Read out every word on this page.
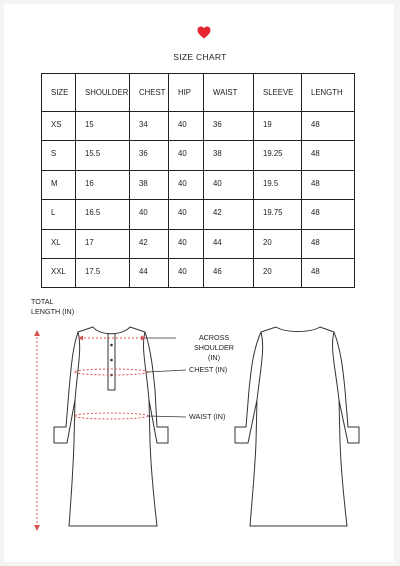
SIZE CHART
SIZE	SHOULDER	CHEST	HIP	WAIST	SLEEVE	LENGTH
XS	15	34	40	36	19	48
S	15.5	36	40	38	19.25	48
M	16	38	40	40	19.5	48
L	16.5	40	40	42	19.75	48
XL	17	42	40	44	20	48
XXL	17.5	44	40	46	20	48
TOTAL
LENGTH (IN)
ACROSS SHOULDER
(IN)
CHEST (IN)
WAIST (IN)
